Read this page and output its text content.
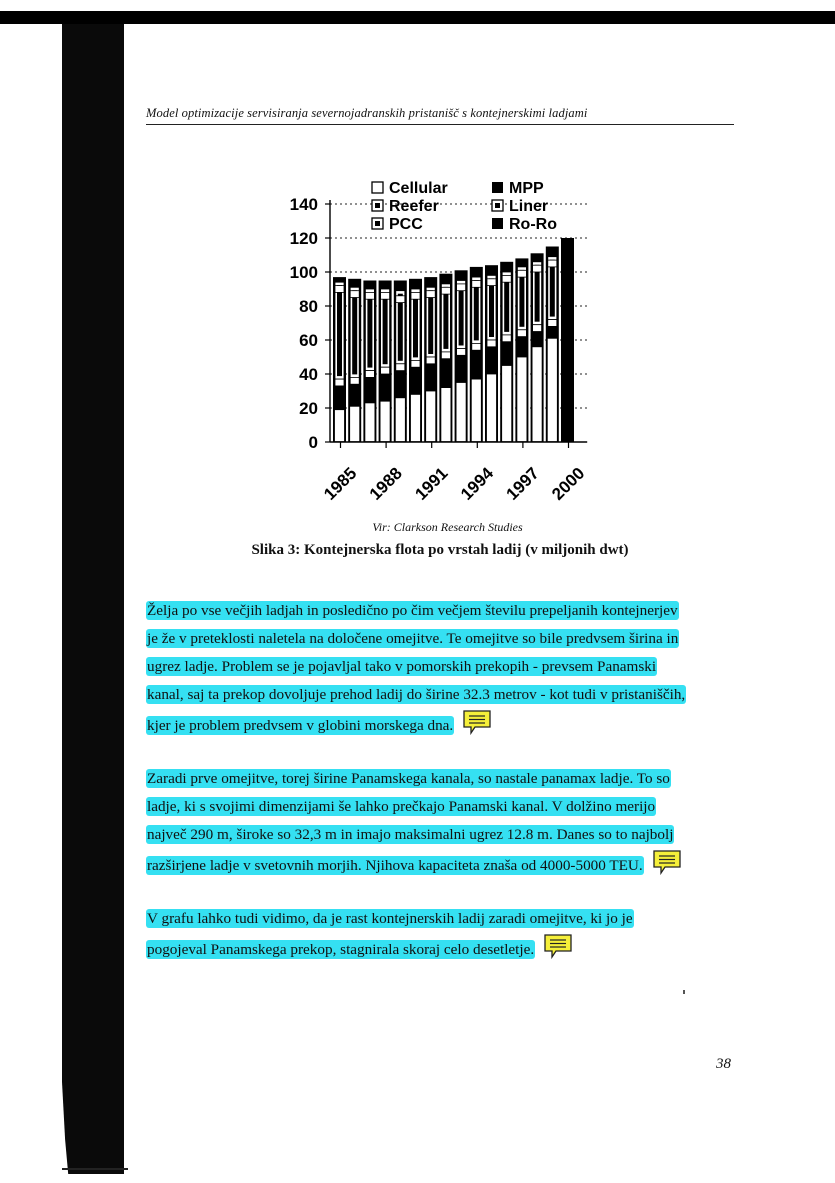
Model optimizacije servisiranja severnojadranskih pristanišč s kontejnerskimi ladjami
0
20
40
60
80
100
120
140
1985 1988 1991 1994 1997 2000
Cellular	MPP
Reefer	Liner
PCC	Ro-Ro
Vir: Clarkson Research Studies
Slika 3: Kontejnerska flota po vrstah ladij (v miljonih dwt)
Želja po vse večjih ladjah in posledično po čim večjem številu prepeljanih kontejnerjev
je že v preteklosti naletela na določene omejitve. Te omejitve so bile predvsem širina in
ugrez ladje. Problem se je pojavljal tako v pomorskih prekopih - prevsem Panamski
kanal, saj ta prekop dovoljuje prehod ladij do širine 32.3 metrov - kot tudi v pristaniščih,
kjer je problem predvsem v globini morskega dna.
Zaradi prve omejitve, torej širine Panamskega kanala, so nastale panamax ladje. To so
ladje, ki s svojimi dimenzijami še lahko prečkajo Panamski kanal. V dolžino merijo
največ 290 m, široke so 32,3 m in imajo maksimalni ugrez 12.8 m. Danes so to najbolj
razširjene ladje v svetovnih morjih. Njihova kapaciteta znaša od 4000-5000 TEU.
V grafu lahko tudi vidimo, da je rast kontejnerskih ladij zaradi omejitve, ki jo je
pogojeval Panamskega prekop, stagnirala skoraj celo desetletje.
38
